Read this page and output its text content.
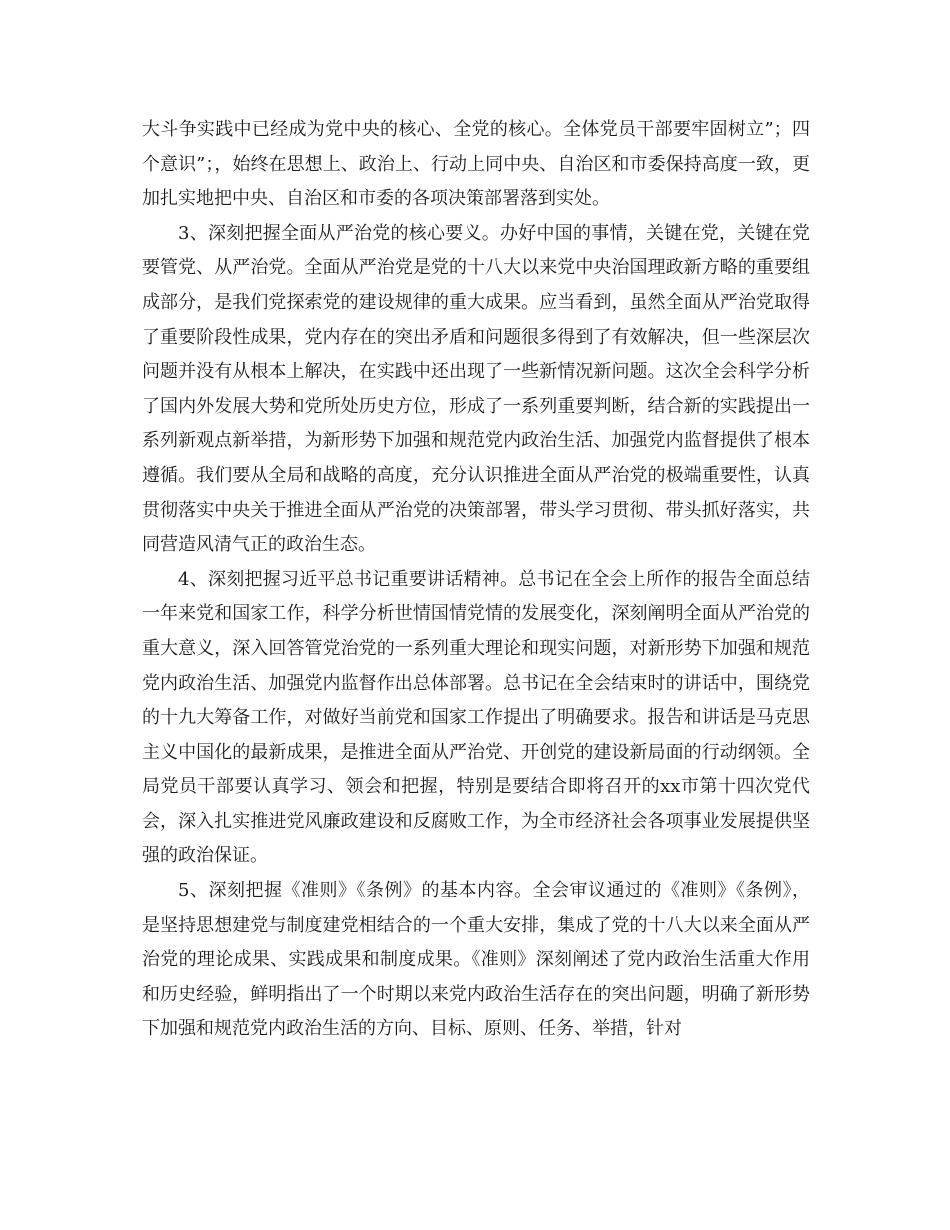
大斗争实践中已经成为党中央的核心、全党的核心。全体党员干部要牢固树立”；四个意识”；，始终在思想上、政治上、行动上同中央、自治区和市委保持高度一致，更加扎实地把中央、自治区和市委的各项决策部署落到实处。

3、深刻把握全面从严治党的核心要义。办好中国的事情，关键在党，关键在党要管党、从严治党。全面从严治党是党的十八大以来党中央治国理政新方略的重要组成部分，是我们党探索党的建设规律的重大成果。应当看到，虽然全面从严治党取得了重要阶段性成果，党内存在的突出矛盾和问题很多得到了有效解决，但一些深层次问题并没有从根本上解决，在实践中还出现了一些新情况新问题。这次全会科学分析了国内外发展大势和党所处历史方位，形成了一系列重要判断，结合新的实践提出一系列新观点新举措，为新形势下加强和规范党内政治生活、加强党内监督提供了根本遵循。我们要从全局和战略的高度，充分认识推进全面从严治党的极端重要性，认真贯彻落实中央关于推进全面从严治党的决策部署，带头学习贯彻、带头抓好落实，共同营造风清气正的政治生态。

4、深刻把握习近平总书记重要讲话精神。总书记在全会上所作的报告全面总结一年来党和国家工作，科学分析世情国情党情的发展变化，深刻阐明全面从严治党的重大意义，深入回答管党治党的一系列重大理论和现实问题，对新形势下加强和规范党内政治生活、加强党内监督作出总体部署。总书记在全会结束时的讲话中，围绕党的十九大筹备工作，对做好当前党和国家工作提出了明确要求。报告和讲话是马克思主义中国化的最新成果，是推进全面从严治党、开创党的建设新局面的行动纲领。全局党员干部要认真学习、领会和把握，特别是要结合即将召开的xx市第十四次党代会，深入扎实推进党风廉政建设和反腐败工作，为全市经济社会各项事业发展提供坚强的政治保证。

5、深刻把握《准则》《条例》的基本内容。全会审议通过的《准则》《条例》，是坚持思想建党与制度建党相结合的一个重大安排，集成了党的十八大以来全面从严治党的理论成果、实践成果和制度成果。《准则》深刻阐述了党内政治生活重大作用和历史经验，鲜明指出了一个时期以来党内政治生活存在的突出问题，明确了新形势下加强和规范党内政治生活的方向、目标、原则、任务、举措，针对
